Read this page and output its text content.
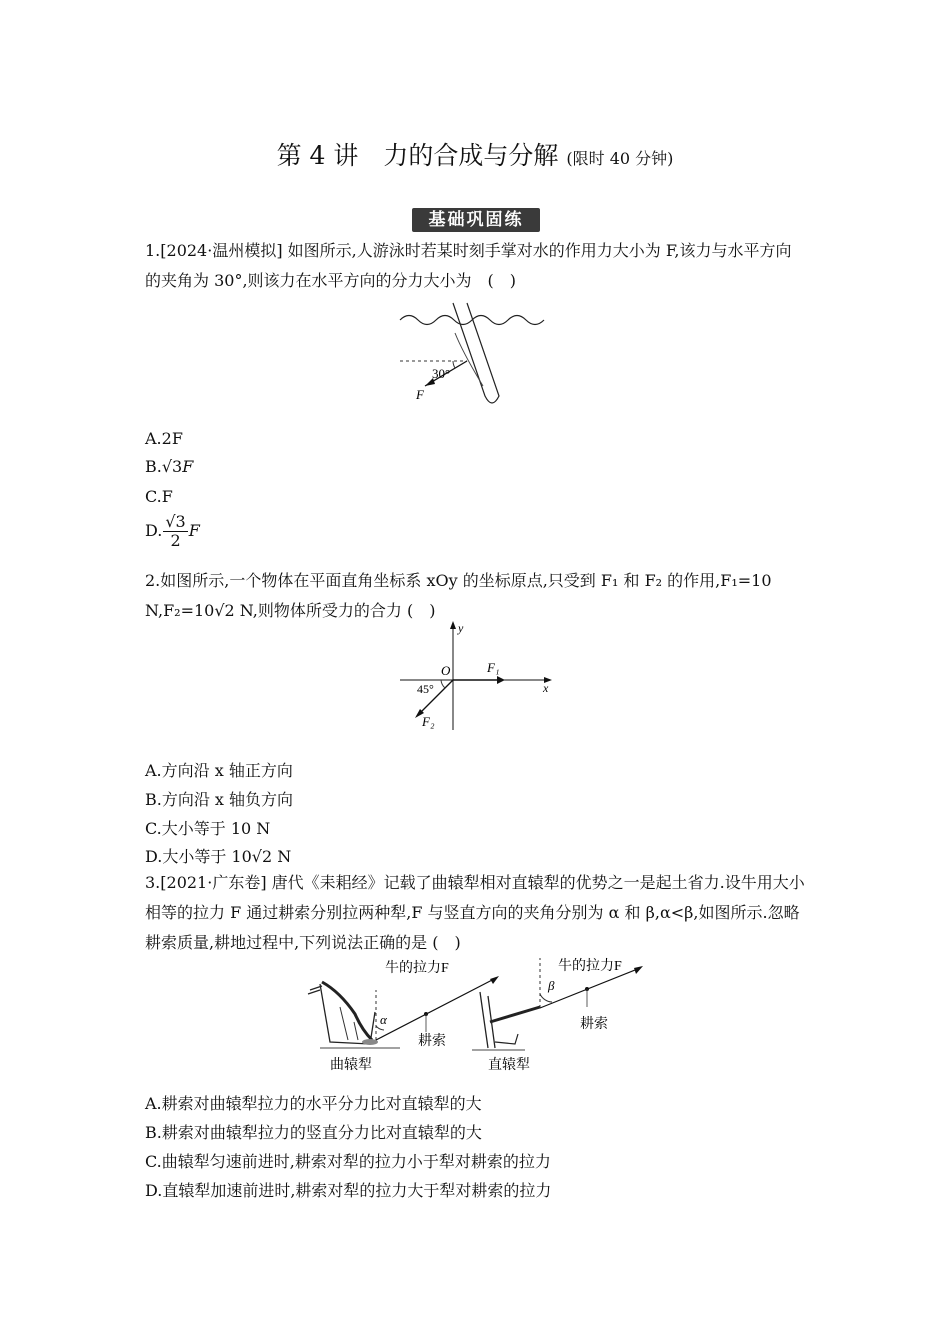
第 4 讲　力的合成与分解 (限时 40 分钟)
基础巩固练
1.[2024·温州模拟] 如图所示,人游泳时若某时刻手掌对水的作用力大小为 F,该力与水平方向的夹角为 30°,则该力在水平方向的分力大小为　(　)
30°
F
A.2F
B.√3F
C.F
D. $\frac{√3}{2}$ F
2.如图所示,一个物体在平面直角坐标系 xOy 的坐标原点,只受到 F₁ 和 F₂ 的作用,F₁=10 N,F₂=10√2 N,则物体所受力的合力 (　)
y
x
O	F₁
F₂
45°
A.方向沿 x 轴正方向
B.方向沿 x 轴负方向
C.大小等于 10 N
D.大小等于 10√2 N
3.[2021·广东卷] 唐代《耒耜经》记载了曲辕犁相对直辕犁的优势之一是起土省力.设牛用大小相等的拉力 F 通过耕索分别拉两种犁,F 与竖直方向的夹角分别为 α 和 β,α<β,如图所示.忽略耕索质量,耕地过程中,下列说法正确的是 (　)
α
牛的拉力F
耕索
曲辕犁
β
牛的拉力F
耕索
直辕犁
A.耕索对曲辕犁拉力的水平分力比对直辕犁的大
B.耕索对曲辕犁拉力的竖直分力比对直辕犁的大
C.曲辕犁匀速前进时,耕索对犁的拉力小于犁对耕索的拉力
D.直辕犁加速前进时,耕索对犁的拉力大于犁对耕索的拉力
